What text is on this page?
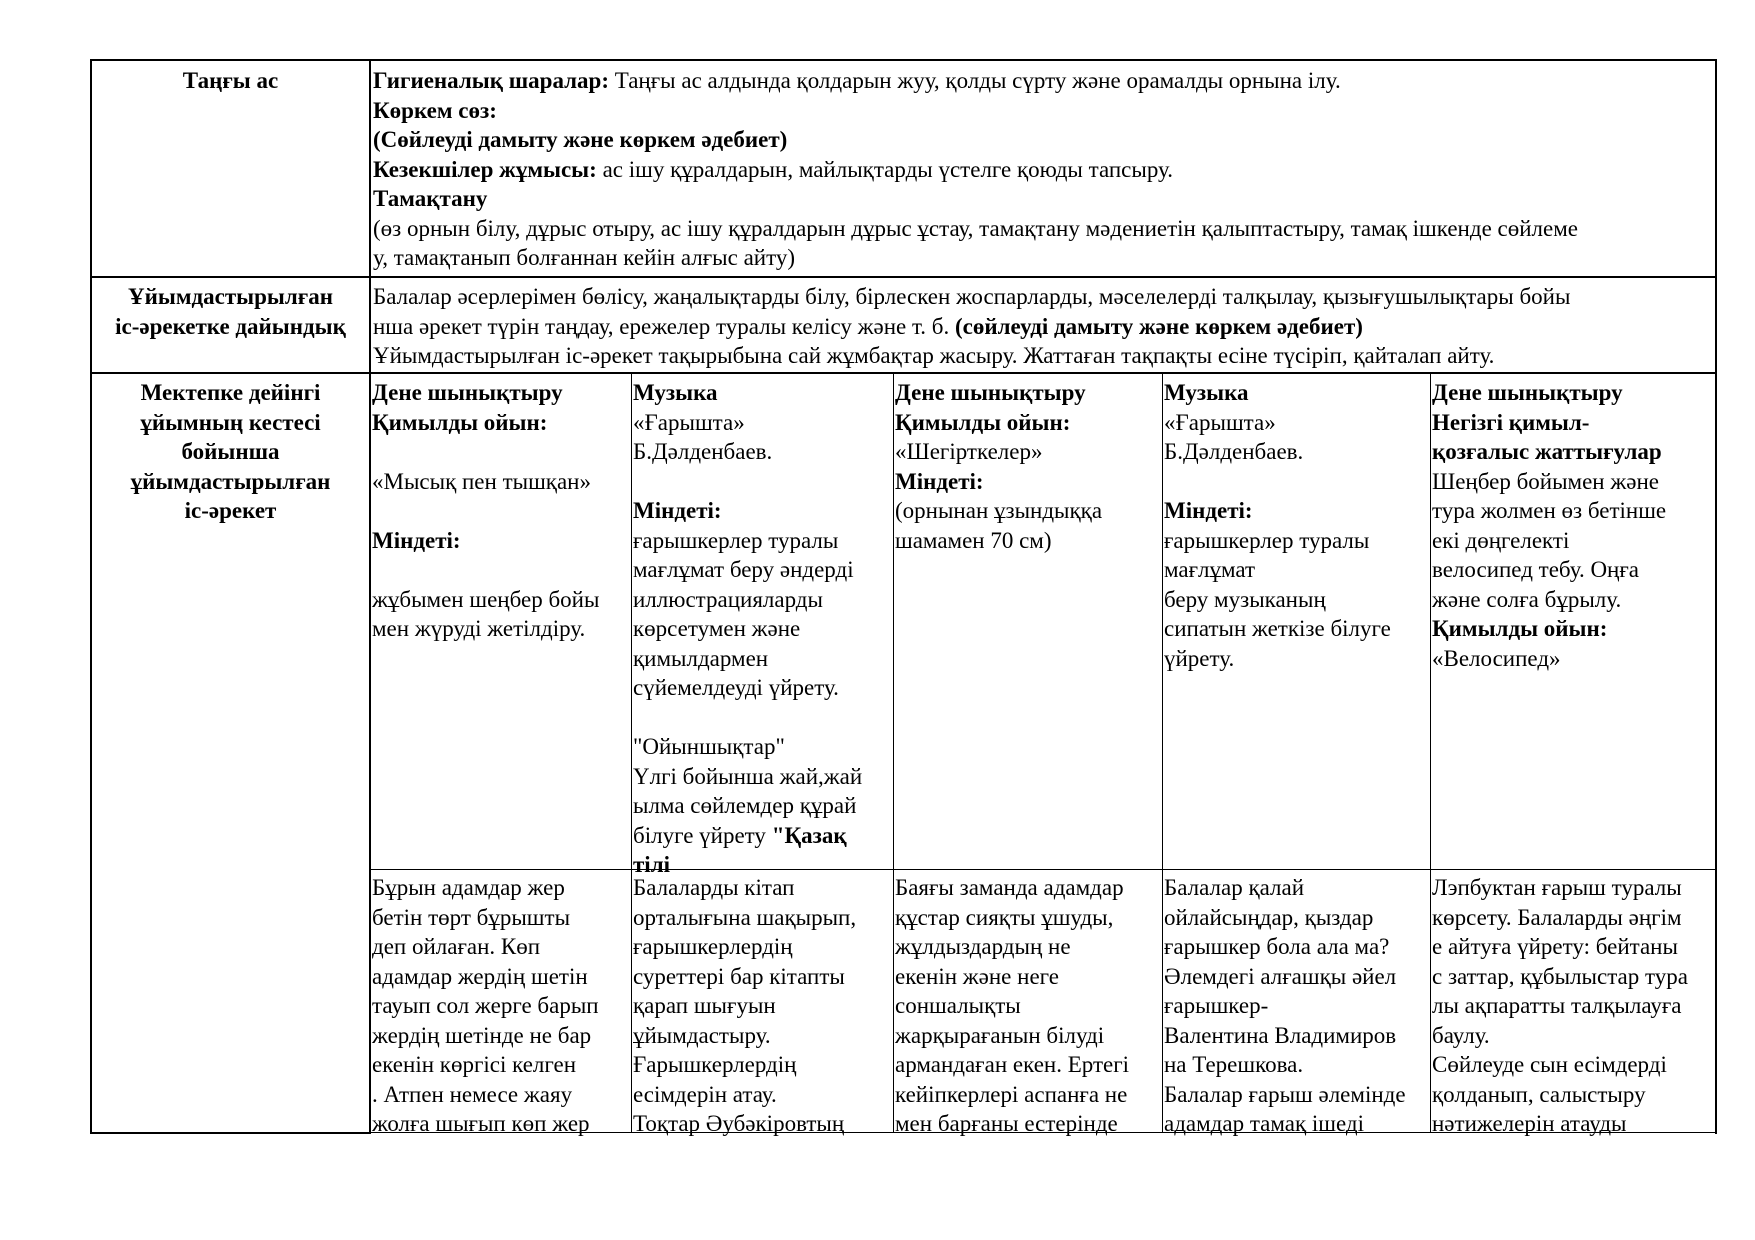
Таңғы ас	Гигиеналық шаралар: Таңғы ас алдында қолдарын жуу, қолды сүрту және орамалды орнына ілу.
Көркем сөз:
(Сөйлеуді дамыту және көркем әдебиет)
Кезекшілер жұмысы: ас ішу құралдарын, майлықтарды үстелге қоюды тапсыру.
Тамақтану
(өз орнын білу, дұрыс отыру, ас ішу құралдарын дұрыс ұстау, тамақтану мәдениетін қалыптастыру, тамақ ішкенде сөйлеме
у, тамақтанып болғаннан кейін алғыс айту)
Ұйымдастырылған
іс-әрекетке дайындық
Балалар әсерлерімен бөлісу, жаңалықтарды білу, бірлескен жоспарларды, мәселелерді талқылау, қызығушылықтары бойы
нша әрекет түрін таңдау, ережелер туралы келісу және т. б. (сөйлеуді дамыту және көркем әдебиет)
Ұйымдастырылған іс-әрекет тақырыбына сай жұмбақтар жасыру. Жаттаған тақпақты есіне түсіріп, қайталап айту.
Мектепке дейінгі
ұйымның кестесі
бойынша
ұйымдастырылған
іс-әрекет
Дене шынықтыру
Қимылды ойын:
«Мысық пен тышқан»
Міндеті:
жұбымен шеңбер бойы
мен жүруді жетілдіру.
Музыка
«Ғарышта»
Б.Дәлденбаев.
Міндеті:
ғарышкерлер туралы
мағлұмат беру әндерді
иллюстрацияларды
көрсетумен және
қимылдармен
сүйемелдеуді үйрету.
"Ойыншықтар"
Үлгі бойынша жай,жай
ылма сөйлемдер құрай
білуге үйрету "Қазақ
тілі
Дене шынықтыру
Қимылды ойын:
«Шегірткелер»
Міндеті:
(орнынан ұзындыққа
шамамен 70 см)
Музыка
«Ғарышта»
Б.Дәлденбаев.
Міндеті:
ғарышкерлер туралы
мағлұмат
беру музыканың
сипатын жеткізе білуге
үйрету.
Дене шынықтыру
Негізгі қимыл-
қозғалыс жаттығулар
Шеңбер бойымен және
тура жолмен өз бетінше
екі дөңгелекті
велосипед тебу. Оңға
және солға бұрылу.
Қимылды ойын:
«Велосипед»
Бұрын адамдар жер
бетін төрт бұрышты
деп ойлаған. Көп
адамдар жердің шетін
тауып сол жерге барып
жердің шетінде не бар
екенін көргісі келген
. Атпен немесе жаяу
жолға шығып көп жер
Балаларды кітап
орталығына шақырып,
ғарышкерлердің
суреттері бар кітапты
қарап шығуын
ұйымдастыру.
Ғарышкерлердің
есімдерін атау.
Тоқтар Әубәкіровтың
Баяғы заманда адамдар
құстар сияқты ұшуды,
жұлдыздардың не
екенін және неге
соншалықты
жарқырағанын білуді
армандаған екен. Ертегі
кейіпкерлері аспанға не
мен барғаны естерінде
Балалар қалай
ойлайсыңдар, қыздар
ғарышкер бола ала ма?
Әлемдегі алғашқы әйел
ғарышкер-
Валентина Владимиров
на Терешкова.
Балалар ғарыш әлемінде
адамдар тамақ ішеді
Лэпбуктан ғарыш туралы
көрсету. Балаларды әңгім
е айтуға үйрету: бейтаны
с заттар, құбылыстар тура
лы ақпаратты талқылауға
баулу.
Сөйлеуде сын есімдерді
қолданып, салыстыру
нәтижелерін атауды
